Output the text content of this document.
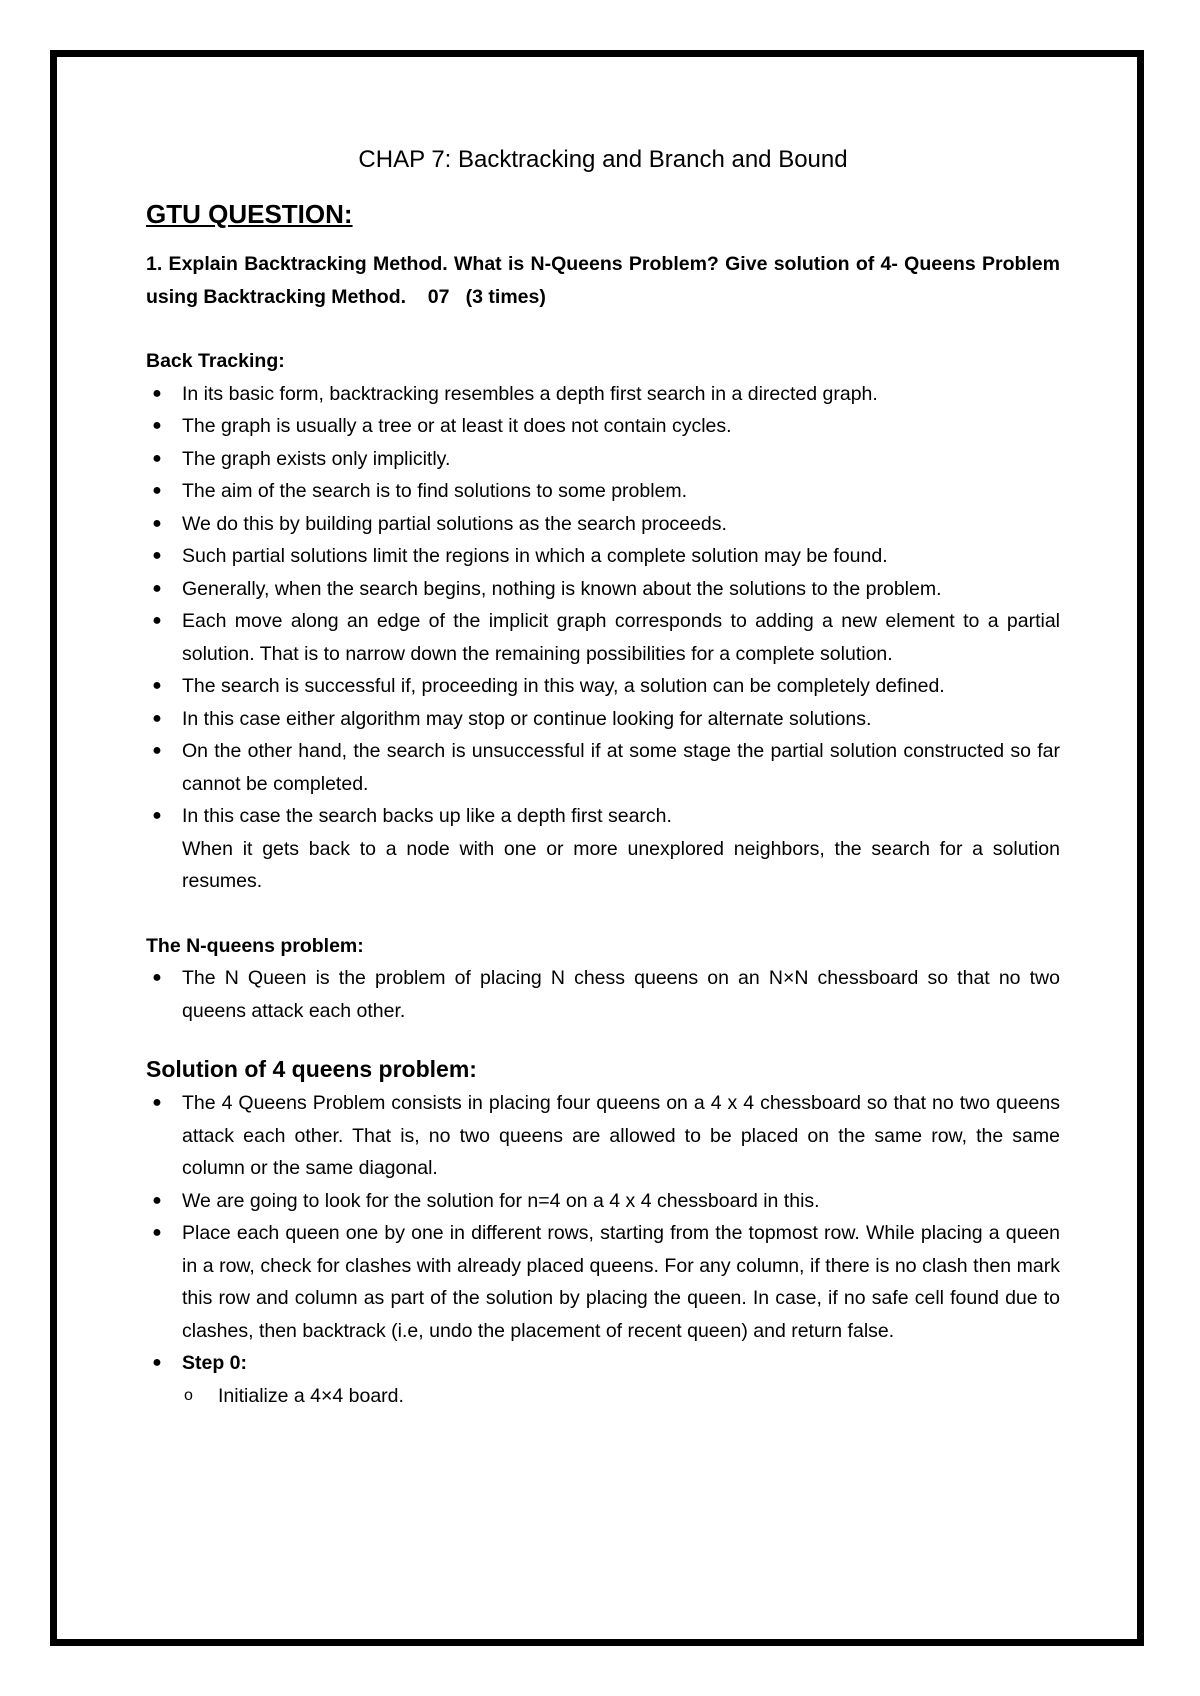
CHAP 7: Backtracking and Branch and Bound
GTU QUESTION:

1. Explain Backtracking Method. What is N-Queens Problem? Give solution of 4- Queens Problem using Backtracking Method.    07   (3 times)

Back Tracking:

● In its basic form, backtracking resembles a depth first search in a directed graph.
● The graph is usually a tree or at least it does not contain cycles.
● The graph exists only implicitly.
● The aim of the search is to find solutions to some problem.
● We do this by building partial solutions as the search proceeds.
● Such partial solutions limit the regions in which a complete solution may be found.
● Generally, when the search begins, nothing is known about the solutions to the problem.
● Each move along an edge of the implicit graph corresponds to adding a new element to a partial solution. That is to narrow down the remaining possibilities for a complete solution.
● The search is successful if, proceeding in this way, a solution can be completely defined.
● In this case either algorithm may stop or continue looking for alternate solutions.
● On the other hand, the search is unsuccessful if at some stage the partial solution constructed so far cannot be completed.
● In this case the search backs up like a depth first search.
When it gets back to a node with one or more unexplored neighbors, the search for a solution resumes.

The N-queens problem:

● The N Queen is the problem of placing N chess queens on an N×N chessboard so that no two queens attack each other.
Solution of 4 queens problem:
● The 4 Queens Problem consists in placing four queens on a 4 x 4 chessboard so that no two queens attack each other. That is, no two queens are allowed to be placed on the same row, the same column or the same diagonal.
● We are going to look for the solution for n=4 on a 4 x 4 chessboard in this.
● Place each queen one by one in different rows, starting from the topmost row. While placing a queen in a row, check for clashes with already placed queens. For any column, if there is no clash then mark this row and column as part of the solution by placing the queen. In case, if no safe cell found due to clashes, then backtrack (i.e, undo the placement of recent queen) and return false.
● Step 0:
o Initialize a 4×4 board.
